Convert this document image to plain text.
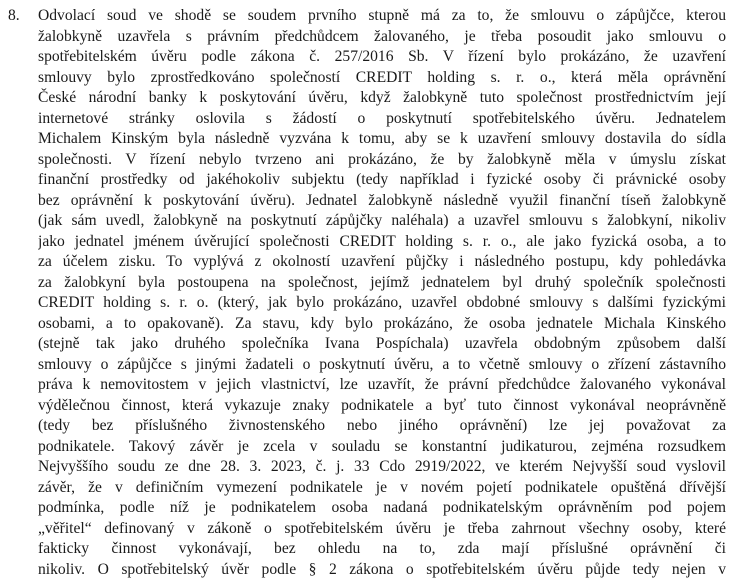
8. Odvolací soud ve shodě se soudem prvního stupně má za to, že smlouvu o zápůjčce, kterou
žalobkyně uzavřela s právním předchůdcem žalovaného, je třeba posoudit jako smlouvu o
spotřebitelském úvěru podle zákona č. 257/2016 Sb. V řízení bylo prokázáno, že uzavření
smlouvy bylo zprostředkováno společností CREDIT holding s. r. o., která měla oprávnění
České národní banky k poskytování úvěru, když žalobkyně tuto společnost prostřednictvím její
internetové stránky oslovila s žádostí o poskytnutí spotřebitelského úvěru. Jednatelem
Michalem Kinským byla následně vyzvána k tomu, aby se k uzavření smlouvy dostavila do sídla
společnosti. V řízení nebylo tvrzeno ani prokázáno, že by žalobkyně měla v úmyslu získat
finanční prostředky od jakéhokoliv subjektu (tedy například i fyzické osoby či právnické osoby
bez oprávnění k poskytování úvěru). Jednatel žalobkyně následně využil finanční tíseň žalobkyně
(jak sám uvedl, žalobkyně na poskytnutí zápůjčky naléhala) a uzavřel smlouvu s žalobkyní, nikoliv
jako jednatel jménem úvěrující společnosti CREDIT holding s. r. o., ale jako fyzická osoba, a to
za účelem zisku. To vyplývá z okolností uzavření půjčky i následného postupu, kdy pohledávka
za žalobkyní byla postoupena na společnost, jejímž jednatelem byl druhý společník společnosti
CREDIT holding s. r. o. (který, jak bylo prokázáno, uzavřel obdobné smlouvy s dalšími fyzickými
osobami, a to opakovaně). Za stavu, kdy bylo prokázáno, že osoba jednatele Michala Kinského
(stejně tak jako druhého společníka Ivana Pospíchala) uzavřela obdobným způsobem další
smlouvy o zápůjčce s jinými žadateli o poskytnutí úvěru, a to včetně smlouvy o zřízení zástavního
práva k nemovitostem v jejich vlastnictví, lze uzavřít, že právní předchůdce žalovaného vykonával
výdělečnou činnost, která vykazuje znaky podnikatele a byť tuto činnost vykonával neoprávněně
(tedy bez příslušného živnostenského nebo jiného oprávnění) lze jej považovat za
podnikatele. Takový závěr je zcela v souladu se konstantní judikaturou, zejména rozsudkem
Nejvyššího soudu ze dne 28. 3. 2023, č. j. 33 Cdo 2919/2022, ve kterém Nejvyšší soud vyslovil
závěr, že v definičním vymezení podnikatele je v novém pojetí podnikatele opuštěná dřívější
podmínka, podle níž je podnikatelem osoba nadaná podnikatelským oprávněním pod pojem
„věřitel“ definovaný v zákoně o spotřebitelském úvěru je třeba zahrnout všechny osoby, které
fakticky činnost vykonávají, bez ohledu na to, zda mají příslušné oprávnění či
nikoliv. O spotřebitelský úvěr podle § 2 zákona o spotřebitelském úvěru půjde tedy nejen v
